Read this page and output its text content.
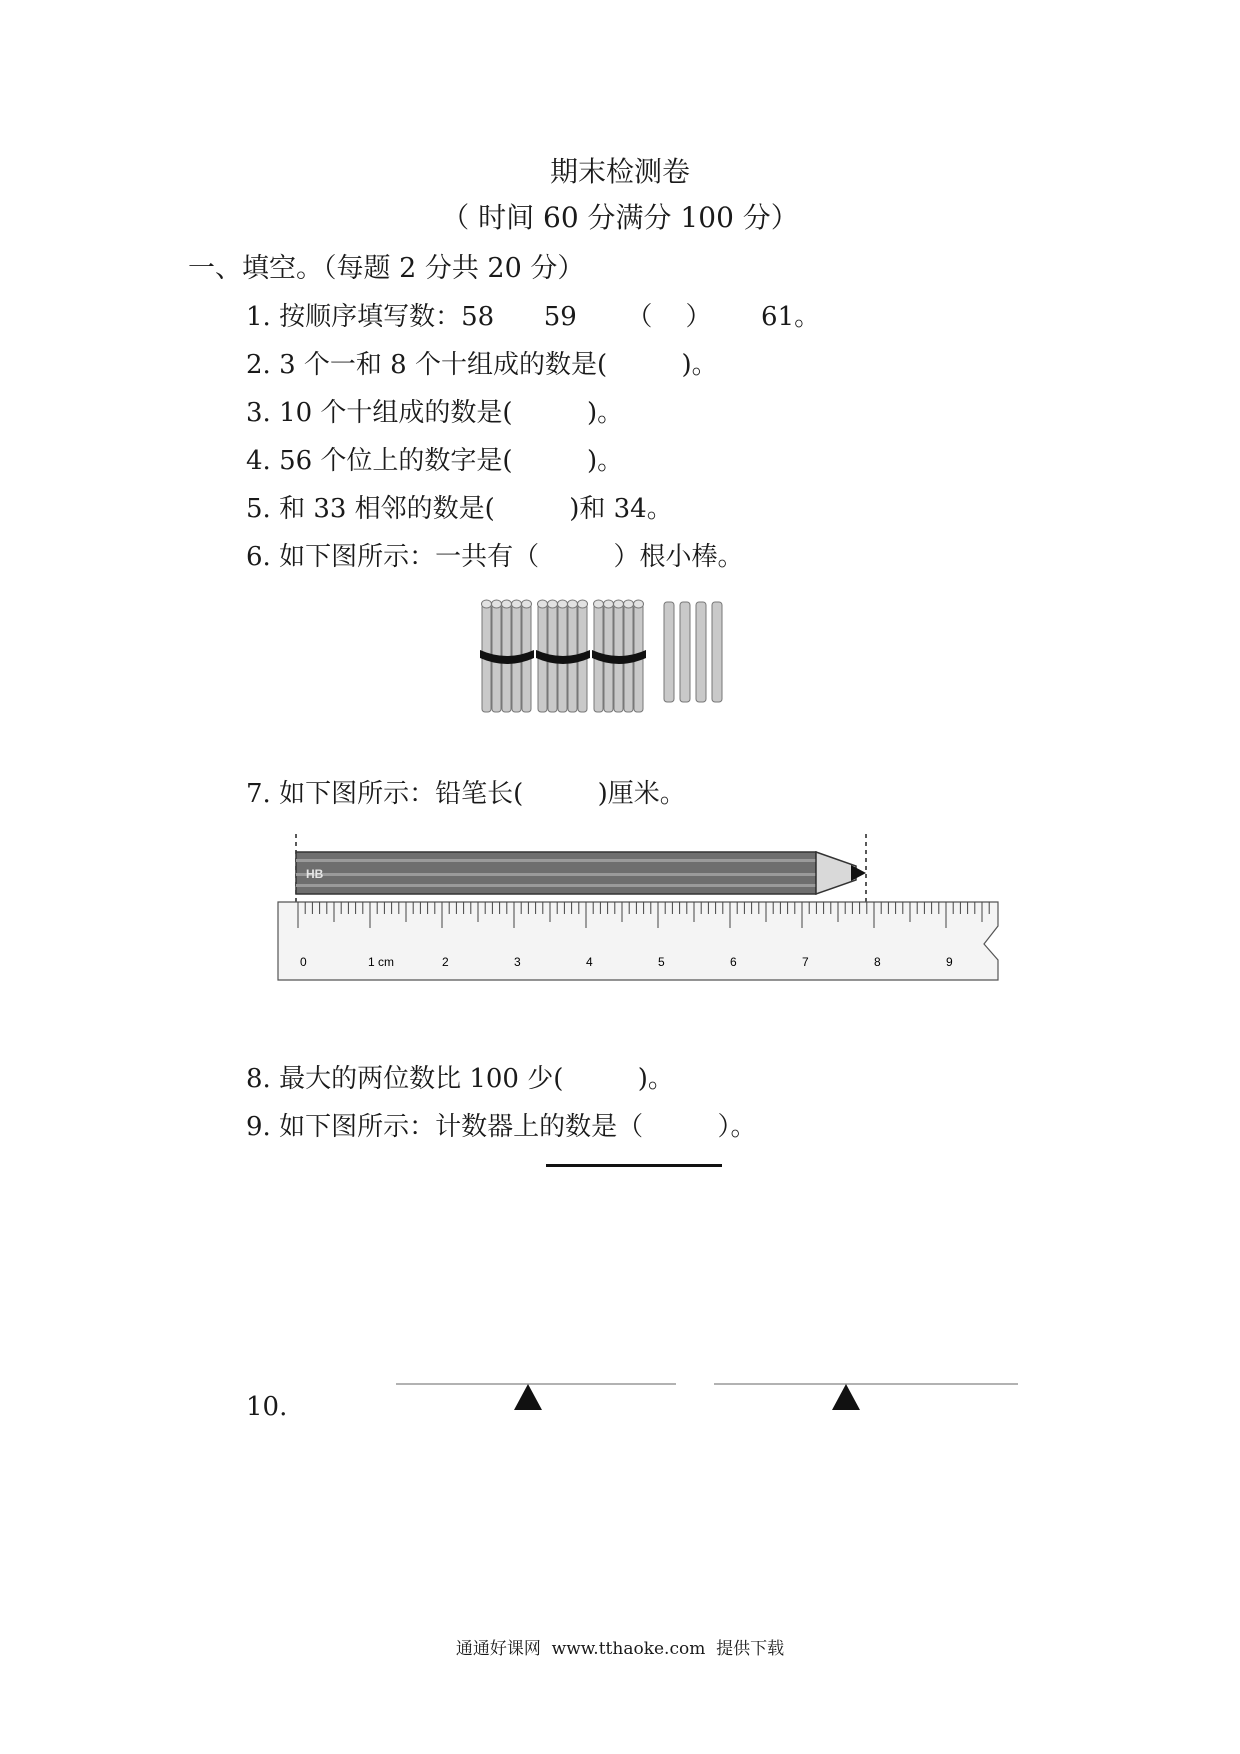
期末检测卷
（ 时间 60 分满分 100 分）
一、填空。（每题 2 分共 20 分）
1. 按顺序填写数：58      59      （    ）      61。
2. 3 个一和 8 个十组成的数是(         )。
3. 10 个十组成的数是(         )。
4. 56 个位上的数字是(         )。
5. 和 33 相邻的数是(         )和 34。
6. 如下图所示：一共有（         ）根小棒。
7. 如下图所示：铅笔长(         )厘米。
HB
0	1 cm	2	3	4	5	6	7	8	9
8. 最大的两位数比 100 少(         )。
9. 如下图所示：计数器上的数是（         ）。
10.
通通好课网  www.tthaoke.com  提供下载
